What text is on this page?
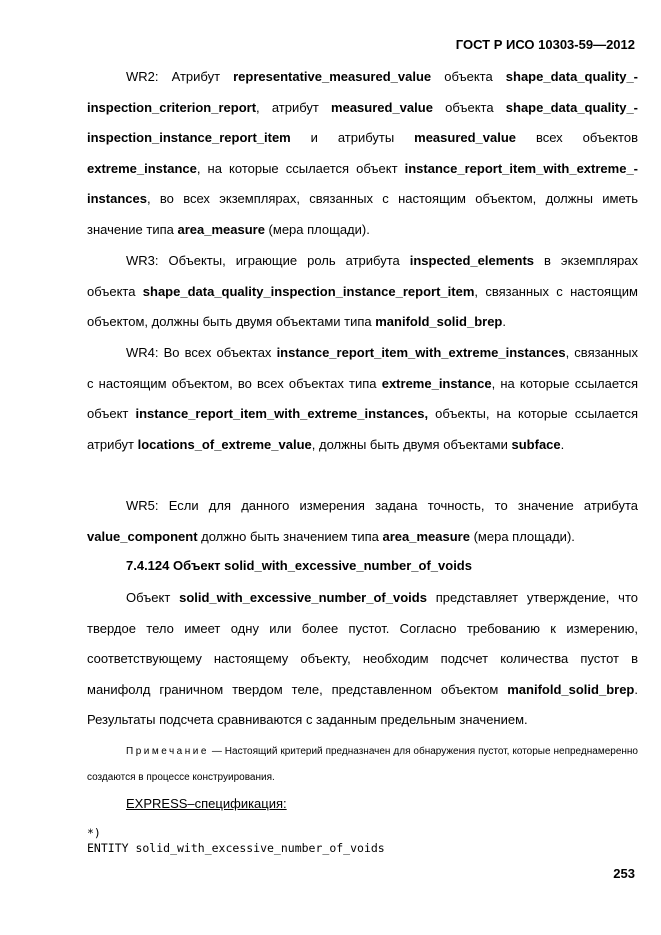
ГОСТ Р ИСО 10303-59—2012

WR2: Атрибут representative_measured_value объекта shape_data_quality_-inspection_criterion_report, атрибут measured_value объекта shape_data_quality_-inspection_instance_report_item и атрибуты measured_value всех объектов extreme_instance, на которые ссылается объект instance_report_item_with_extreme_-instances, во всех экземплярах, связанных с настоящим объектом, должны иметь значение типа area_measure (мера площади).

WR3: Объекты, играющие роль атрибута inspected_elements в экземплярах объекта shape_data_quality_inspection_instance_report_item, связанных с настоящим объектом, должны быть двумя объектами типа manifold_solid_brep.

WR4: Во всех объектах instance_report_item_with_extreme_instances, связанных с настоящим объектом, во всех объектах типа extreme_instance, на которые ссылается объект instance_report_item_with_extreme_instances, объекты, на которые ссылается атрибут locations_of_extreme_value, должны быть двумя объектами subface.

WR5: Если для данного измерения задана точность, то значение атрибута value_component должно быть значением типа area_measure (мера площади).

7.4.124 Объект solid_with_excessive_number_of_voids

Объект solid_with_excessive_number_of_voids представляет утверждение, что твердое тело имеет одну или более пустот. Согласно требованию к измерению, соответствующему настоящему объекту, необходим подсчет количества пустот в манифолд граничном твердом теле, представленном объектом manifold_solid_brep. Результаты подсчета сравниваются с заданным предельным значением.

Примечание — Настоящий критерий предназначен для обнаружения пустот, которые непреднамеренно создаются в процессе конструирования.

EXPRESS–спецификация:
*)
ENTITY solid_with_excessive_number_of_voids
253
